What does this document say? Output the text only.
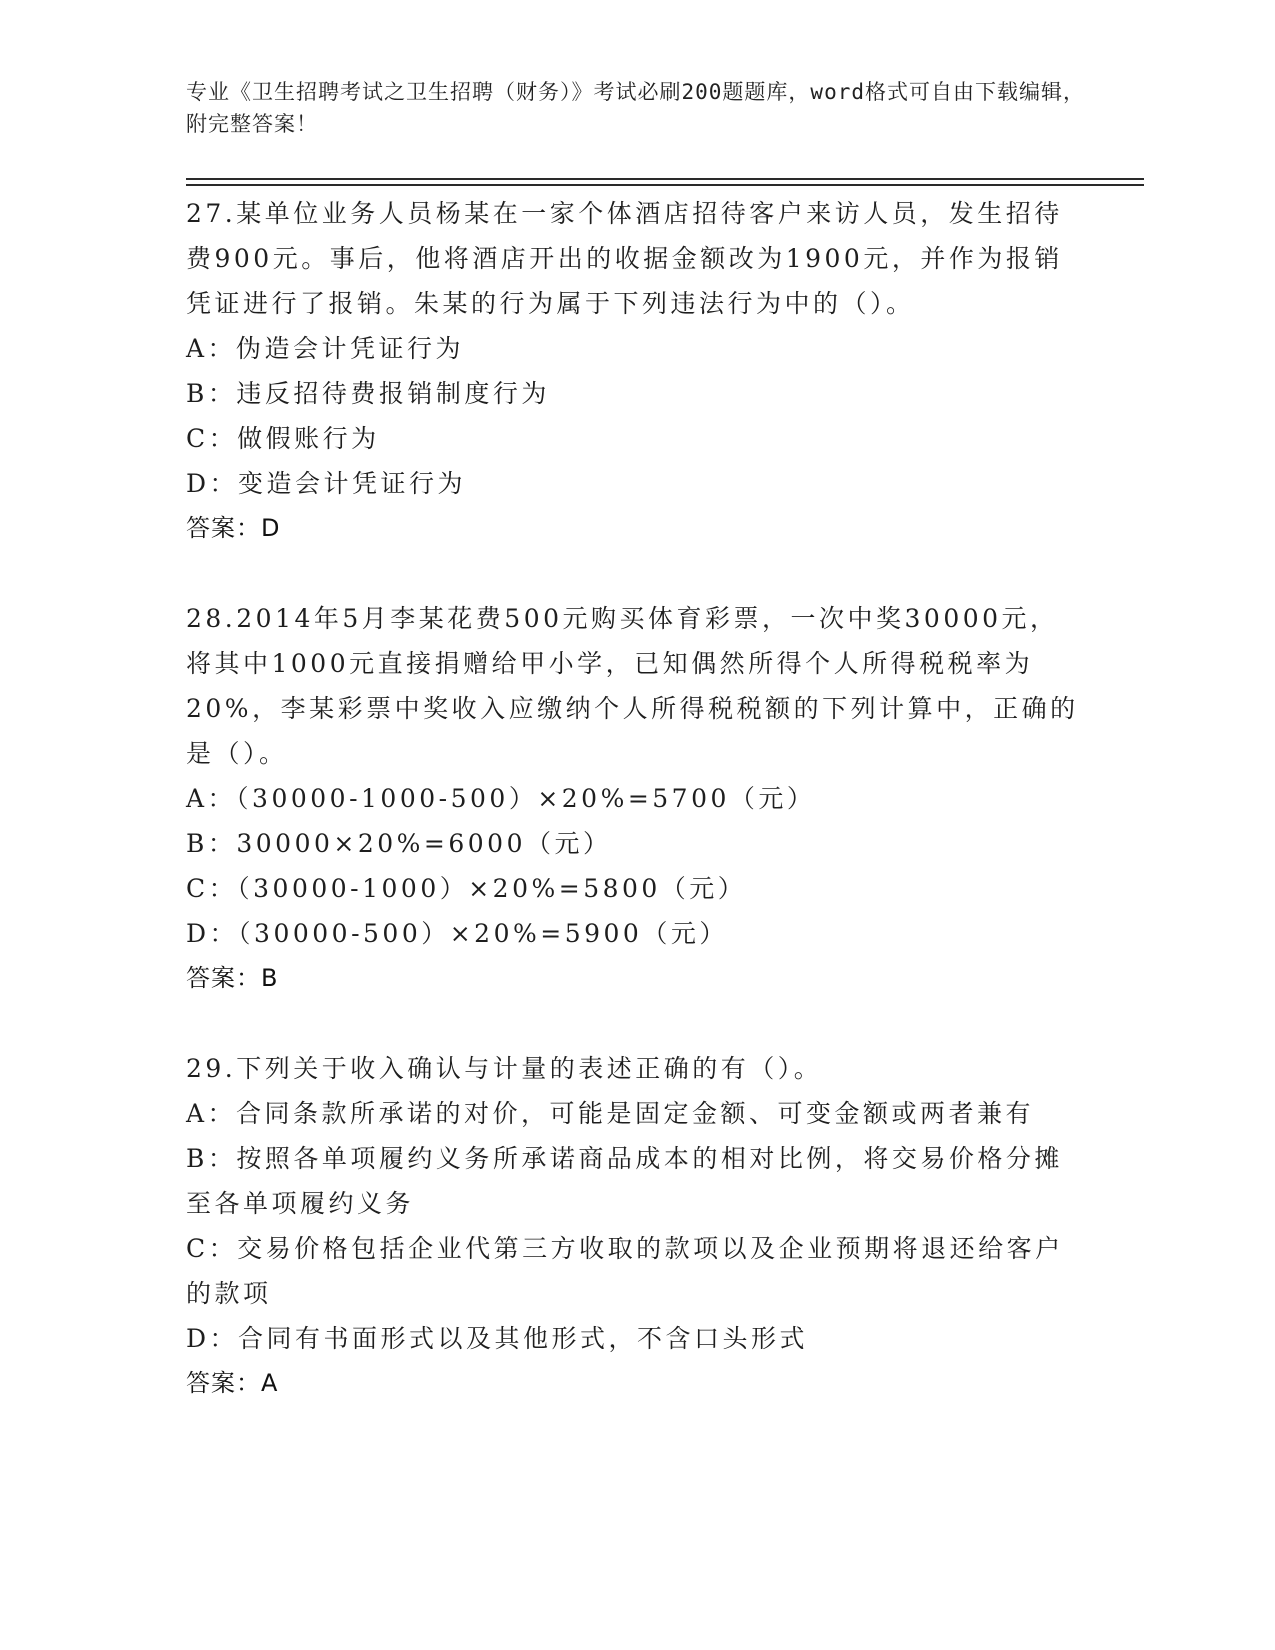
专业《卫生招聘考试之卫生招聘（财务）》考试必刷200题题库，word格式可自由下载编辑，附完整答案！
27.某单位业务人员杨某在一家个体酒店招待客户来访人员，发生招待费900元。事后，他将酒店开出的收据金额改为1900元，并作为报销凭证进行了报销。朱某的行为属于下列违法行为中的（）。
A：伪造会计凭证行为
B：违反招待费报销制度行为
C：做假账行为
D：变造会计凭证行为
答案：D
28.2014年5月李某花费500元购买体育彩票，一次中奖30000元，将其中1000元直接捐赠给甲小学，已知偶然所得个人所得税税率为20%，李某彩票中奖收入应缴纳个人所得税税额的下列计算中，正确的是（）。
A：（30000-1000-500）×20%=5700（元）
B：30000×20%=6000（元）
C：（30000-1000）×20%=5800（元）
D：（30000-500）×20%=5900（元）
答案：B
29.下列关于收入确认与计量的表述正确的有（）。
A：合同条款所承诺的对价，可能是固定金额、可变金额或两者兼有
B：按照各单项履约义务所承诺商品成本的相对比例，将交易价格分摊至各单项履约义务
C：交易价格包括企业代第三方收取的款项以及企业预期将退还给客户的款项
D：合同有书面形式以及其他形式，不含口头形式
答案：A
